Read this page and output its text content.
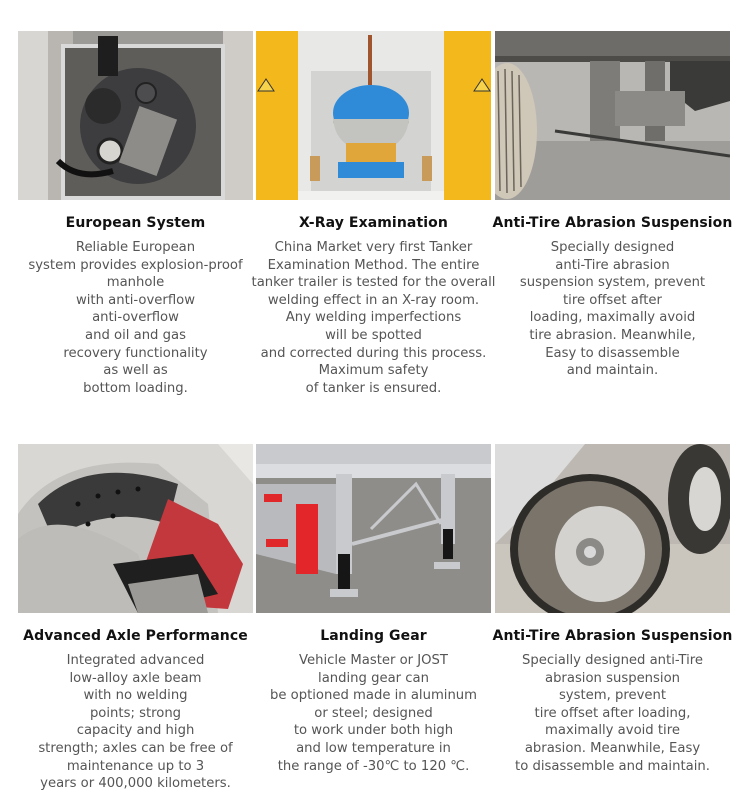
European System
Reliable European
system provides explosion-proof
manhole
with anti-overflow
anti-overflow
and oil and gas
recovery functionality
as well as
bottom loading.
X-Ray Examination
China Market very first Tanker
Examination Method. The entire
tanker trailer is tested for the overall
welding effect in an X-ray room.
Any welding imperfections
will be spotted
and corrected during this process.
Maximum safety
of tanker is ensured.
Anti-Tire Abrasion Suspension
Specially designed
anti-Tire abrasion
suspension system, prevent
tire offset after
loading, maximally avoid
tire abrasion. Meanwhile,
Easy to disassemble
and maintain.
Advanced Axle Performance
Integrated advanced
low-alloy axle beam
with no welding
points; strong
capacity and high
strength; axles can be free of
maintenance up to 3
years or 400,000 kilometers.
Landing Gear
Vehicle Master or JOST
landing gear can
be optioned made in aluminum
or steel; designed
to work under both high
and low temperature in
the range of -30℃ to 120 ℃.
Anti-Tire Abrasion Suspension
Specially designed anti-Tire
abrasion suspension
system, prevent
tire offset after loading,
maximally avoid tire
abrasion. Meanwhile, Easy
to disassemble and maintain.
